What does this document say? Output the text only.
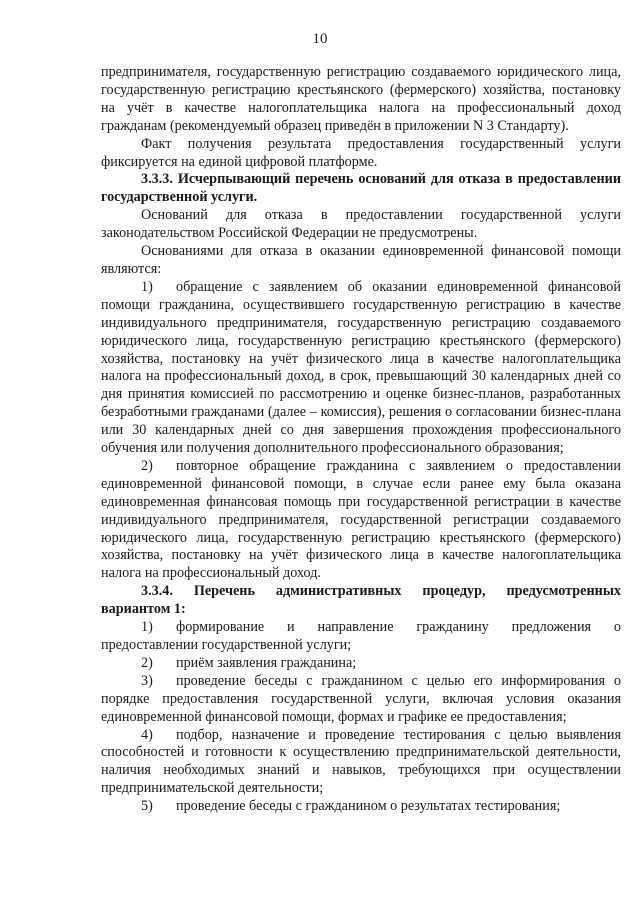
10

предпринимателя, государственную регистрацию создаваемого юридического лица, государственную регистрацию крестьянского (фермерского) хозяйства, постановку на учёт в качестве налогоплательщика налога на профессиональный доход гражданам (рекомендуемый образец приведён в приложении N 3 Стандарту).

Факт получения результата предоставления государственный услуги фиксируется на единой цифровой платформе.

3.3.3. Исчерпывающий перечень оснований для отказа в предоставлении государственной услуги.

Оснований для отказа в предоставлении государственной услуги законодательством Российской Федерации не предусмотрены.

Основаниями для отказа в оказании единовременной финансовой помощи являются:

1) обращение с заявлением об оказании единовременной финансовой помощи гражданина, осуществившего государственную регистрацию в качестве индивидуального предпринимателя, государственную регистрацию создаваемого юридического лица, государственную регистрацию крестьянского (фермерского) хозяйства, постановку на учёт физического лица в качестве налогоплательщика налога на профессиональный доход, в срок, превышающий 30 календарных дней со дня принятия комиссией по рассмотрению и оценке бизнес-планов, разработанных безработными гражданами (далее – комиссия), решения о согласовании бизнес-плана или 30 календарных дней со дня завершения прохождения профессионального обучения или получения дополнительного профессионального образования;

2) повторное обращение гражданина с заявлением о предоставлении единовременной финансовой помощи, в случае если ранее ему была оказана единовременная финансовая помощь при государственной регистрации в качестве индивидуального предпринимателя, государственной регистрации создаваемого юридического лица, государственную регистрацию крестьянского (фермерского) хозяйства, постановку на учёт физического лица в качестве налогоплательщика налога на профессиональный доход.

3.3.4. Перечень административных процедур, предусмотренных вариантом 1:

1) формирование и направление гражданину предложения о предоставлении государственной услуги;

2) приём заявления гражданина;

3) проведение беседы с гражданином с целью его информирования о порядке предоставления государственной услуги, включая условия оказания единовременной финансовой помощи, формах и графике ее предоставления;

4) подбор, назначение и проведение тестирования с целью выявления способностей и готовности к осуществлению предпринимательской деятельности, наличия необходимых знаний и навыков, требующихся при осуществлении предпринимательской деятельности;

5) проведение беседы с гражданином о результатах тестирования;
